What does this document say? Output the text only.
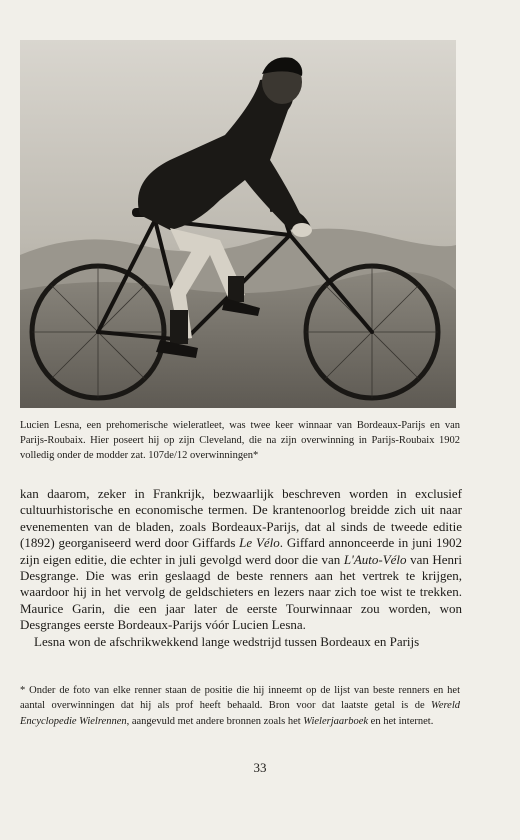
Lucien Lesna, een prehomerische wieleratleet, was twee keer winnaar van Bordeaux-Parijs en van Parijs-Roubaix. Hier poseert hij op zijn Cleveland, die na zijn overwinning in Parijs-Roubaix 1902 volledig onder de modder zat. 107de/12 overwinningen*

kan daarom, zeker in Frankrijk, bezwaarlijk beschreven worden in exclusief cultuurhistorische en economische termen. De krantenoorlog breidde zich uit naar evenementen van de bladen, zoals Bordeaux-Parijs, dat al sinds de tweede editie (1892) georganiseerd werd door Giffards Le Vélo. Giffard annonceerde in juni 1902 zijn eigen editie, die echter in juli gevolgd werd door die van L'Auto-Vélo van Henri Desgrange. Die was erin geslaagd de beste renners aan het vertrek te krijgen, waardoor hij in het vervolg de geldschieters en lezers naar zich toe wist te trekken. Maurice Garin, die een jaar later de eerste Tourwinnaar zou worden, won Desgranges eerste Bordeaux-Parijs vóór Lucien Lesna.

Lesna won de afschrikwekkend lange wedstrijd tussen Bordeaux en Parijs

* Onder de foto van elke renner staan de positie die hij inneemt op de lijst van beste renners en het aantal overwinningen dat hij als prof heeft behaald. Bron voor dat laatste getal is de Wereld Encyclopedie Wielrennen, aangevuld met andere bronnen zoals het Wielerjaarboek en het internet.

33
